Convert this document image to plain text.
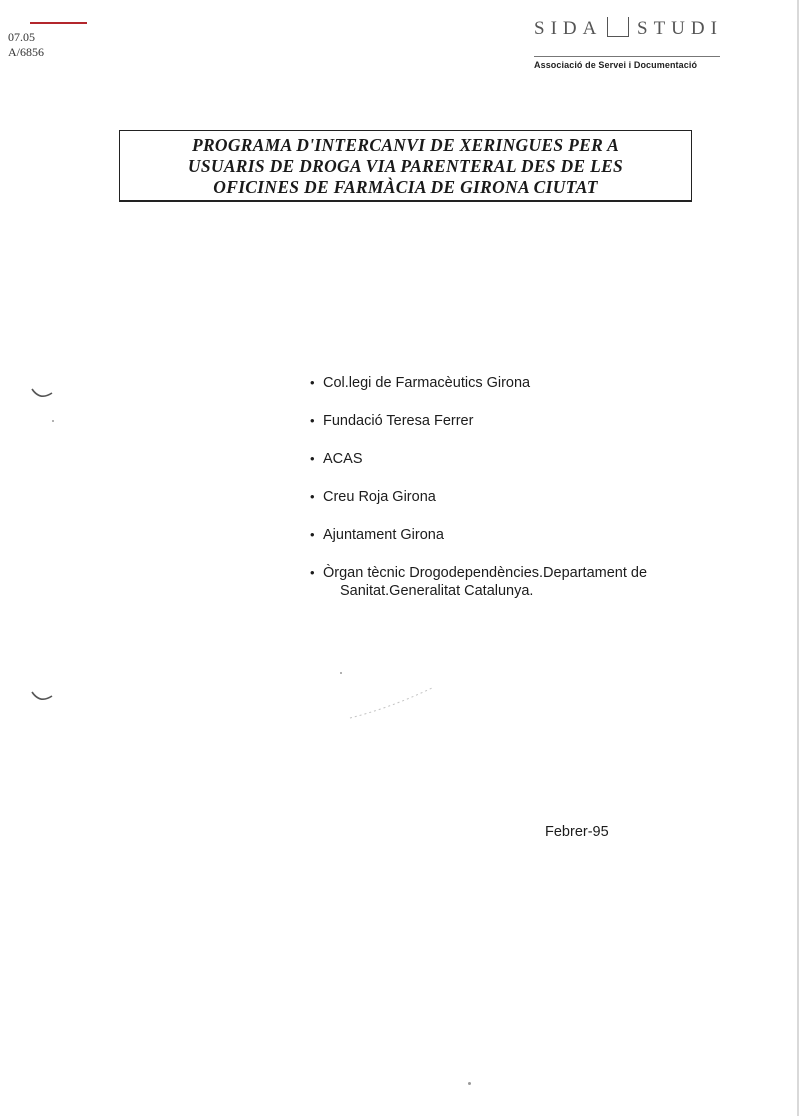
07.05
A/6856
SIDA STUDI
Associació de Servei i Documentació
PROGRAMA D'INTERCANVI DE XERINGUES PER A
USUARIS DE DROGA VIA PARENTERAL DES DE LES
OFICINES DE FARMÀCIA DE GIRONA CIUTAT
• Col.legi de Farmacèutics Girona
• Fundació Teresa Ferrer
• ACAS
• Creu Roja Girona
• Ajuntament Girona
• Òrgan tècnic Drogodependències.Departament de
Sanitat.Generalitat Catalunya.
Febrer-95
